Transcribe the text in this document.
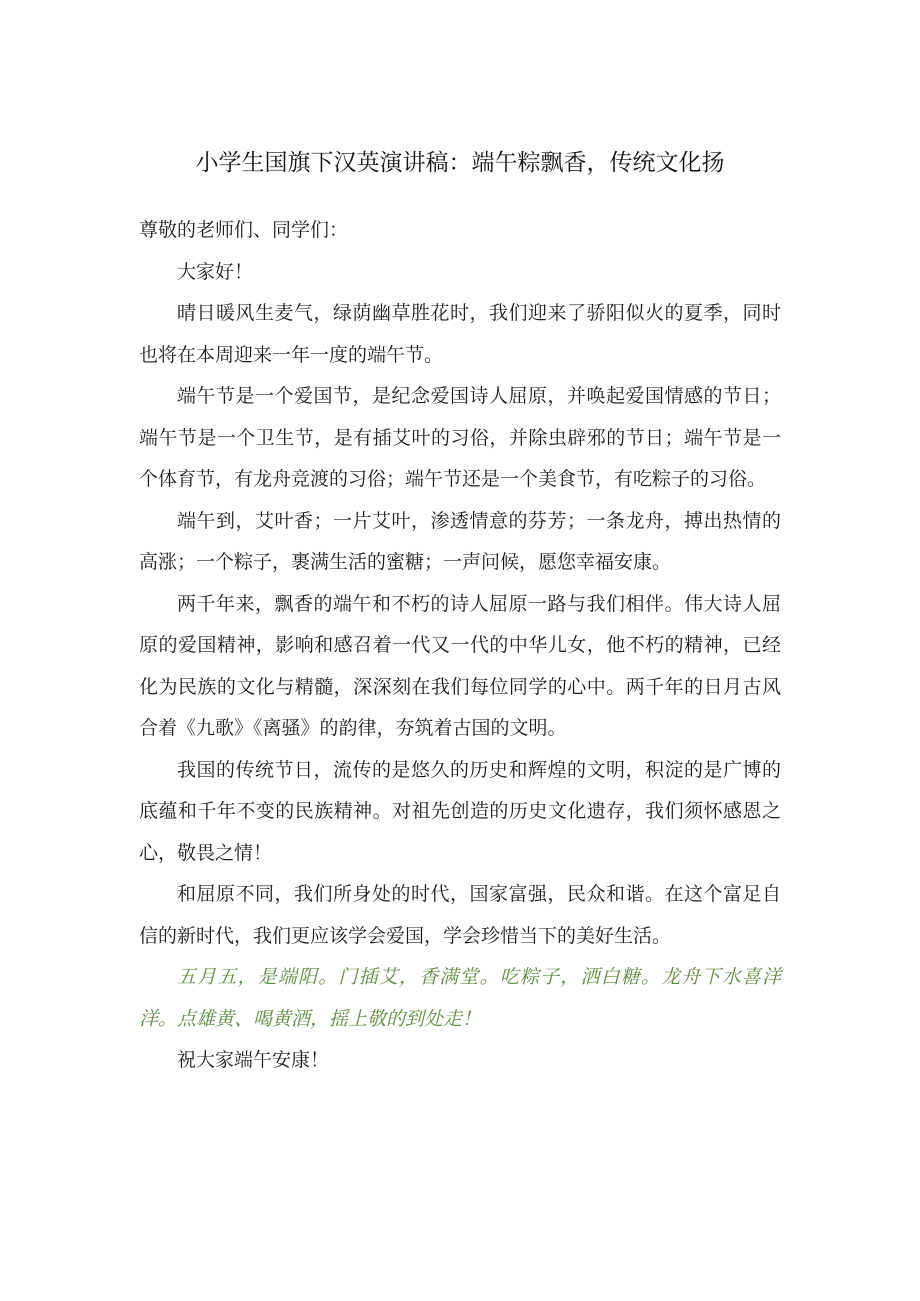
小学生国旗下汉英演讲稿：端午粽飘香，传统文化扬

尊敬的老师们、同学们：

大家好！

晴日暖风生麦气，绿荫幽草胜花时，我们迎来了骄阳似火的夏季，同时也将在本周迎来一年一度的端午节。

端午节是一个爱国节，是纪念爱国诗人屈原，并唤起爱国情感的节日；端午节是一个卫生节，是有插艾叶的习俗，并除虫辟邪的节日；端午节是一个体育节，有龙舟竞渡的习俗；端午节还是一个美食节，有吃粽子的习俗。

端午到，艾叶香；一片艾叶，渗透情意的芬芳；一条龙舟，搏出热情的高涨；一个粽子，裹满生活的蜜糖；一声问候，愿您幸福安康。

两千年来，飘香的端午和不朽的诗人屈原一路与我们相伴。伟大诗人屈原的爱国精神，影响和感召着一代又一代的中华儿女，他不朽的精神，已经化为民族的文化与精髓，深深刻在我们每位同学的心中。两千年的日月古风合着《九歌》《离骚》的韵律，夯筑着古国的文明。

我国的传统节日，流传的是悠久的历史和辉煌的文明，积淀的是广博的底蕴和千年不变的民族精神。对祖先创造的历史文化遗存，我们须怀感恩之心，敬畏之情！

和屈原不同，我们所身处的时代，国家富强，民众和谐。在这个富足自信的新时代，我们更应该学会爱国，学会珍惜当下的美好生活。

五月五，是端阳。门插艾，香满堂。吃粽子，洒白糖。龙舟下水喜洋洋。点雄黄、喝黄酒，摇上敬的到处走！

祝大家端午安康！
